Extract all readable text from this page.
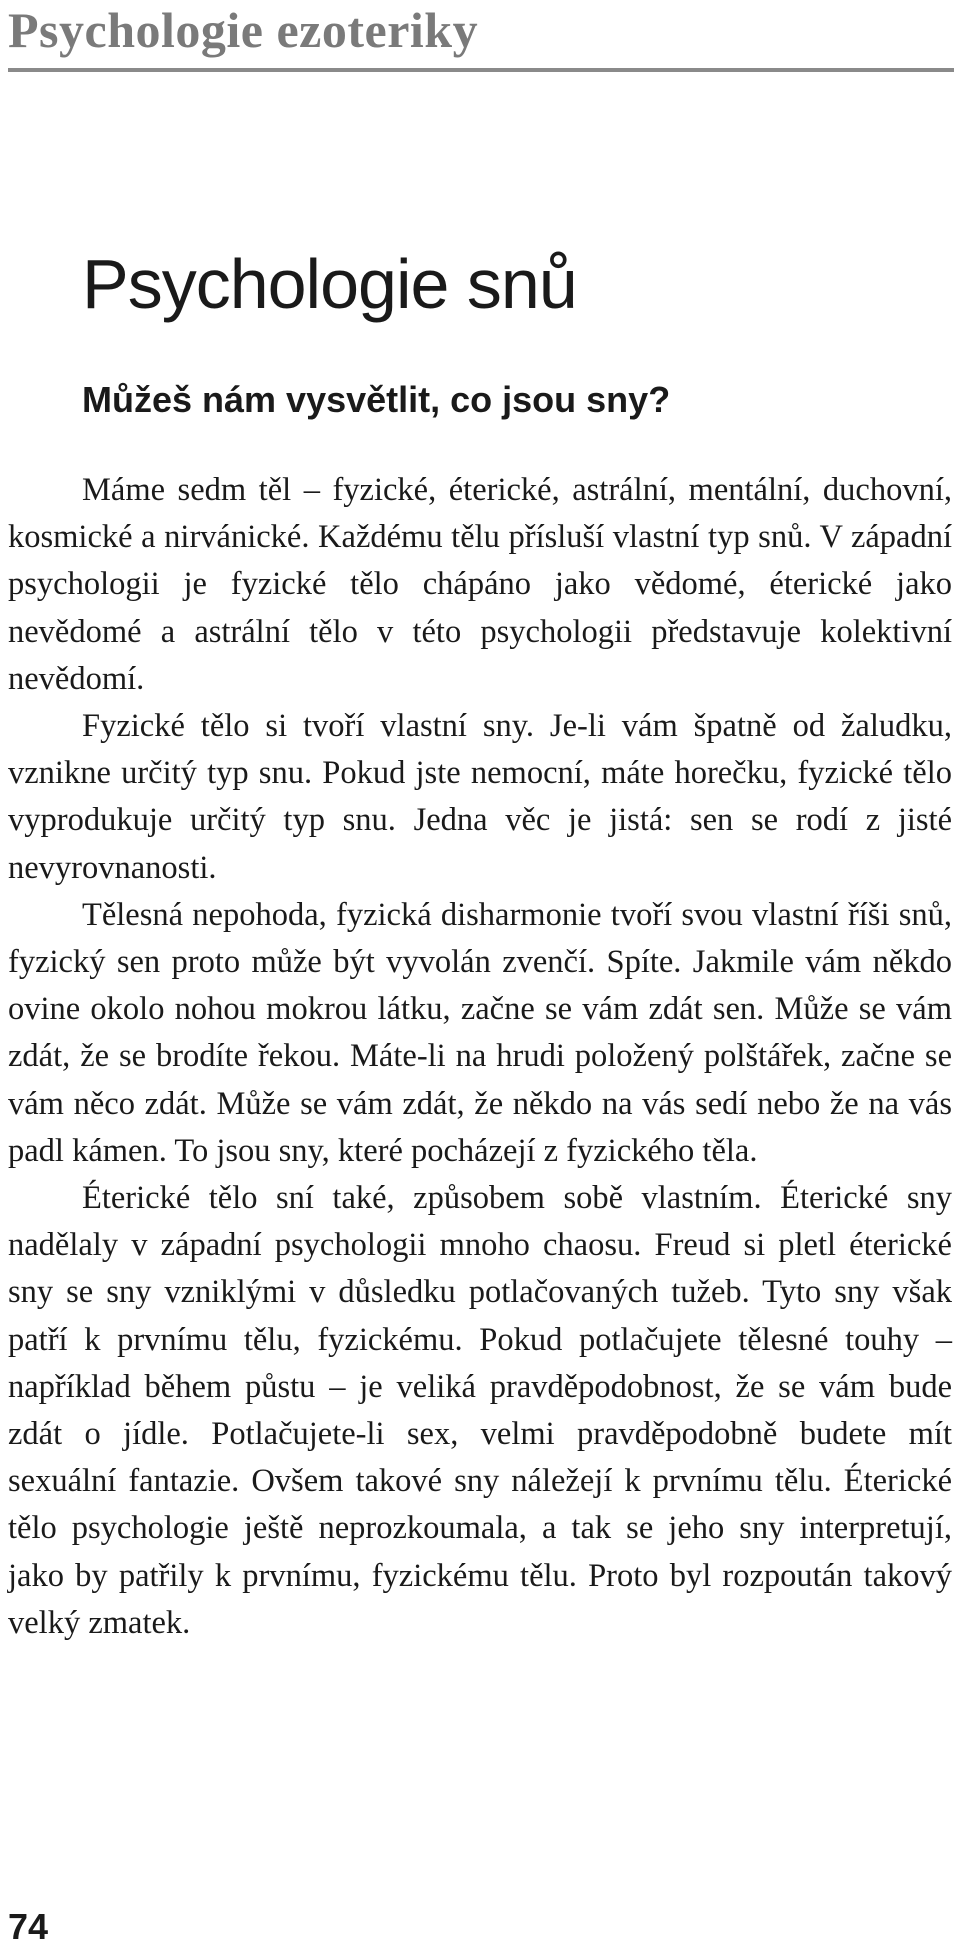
Psychologie ezoteriky
Psychologie snů
Můžeš nám vysvětlit, co jsou sny?

Máme sedm těl – fyzické, éterické, astrální, mentální, duchovní, kosmické a nirvánické. Každému tělu přísluší vlastní typ snů. V západní psychologii je fyzické tělo chápáno jako vědomé, éterické jako nevědomé a astrální tělo v této psychologii představuje kolektivní nevědomí.

Fyzické tělo si tvoří vlastní sny. Je-li vám špatně od žaludku, vznikne určitý typ snu. Pokud jste nemocní, máte horečku, fyzické tělo vyprodukuje určitý typ snu. Jedna věc je jistá: sen se rodí z jisté nevyrovnanosti.

Tělesná nepohoda, fyzická disharmonie tvoří svou vlastní říši snů, fyzický sen proto může být vyvolán zvenčí. Spíte. Jakmile vám někdo ovine okolo nohou mokrou látku, začne se vám zdát sen. Může se vám zdát, že se brodíte řekou. Máte-li na hrudi položený polštářek, začne se vám něco zdát. Může se vám zdát, že někdo na vás sedí nebo že na vás padl kámen. To jsou sny, které pocházejí z fyzického těla.

Éterické tělo sní také, způsobem sobě vlastním. Éterické sny nadělaly v západní psychologii mnoho chaosu. Freud si pletl éterické sny se sny vzniklými v důsledku potlačovaných tužeb. Tyto sny však patří k prvnímu tělu, fyzickému. Pokud potlačujete tělesné touhy – například během půstu – je veliká pravděpodobnost, že se vám bude zdát o jídle. Potlačujete-li sex, velmi pravděpodobně budete mít sexuální fantazie. Ovšem takové sny náležejí k prvnímu tělu. Éterické tělo psychologie ještě neprozkoumala, a tak se jeho sny interpretují, jako by patřily k prvnímu, fyzickému tělu. Proto byl rozpoután takový velký zmatek.

74
